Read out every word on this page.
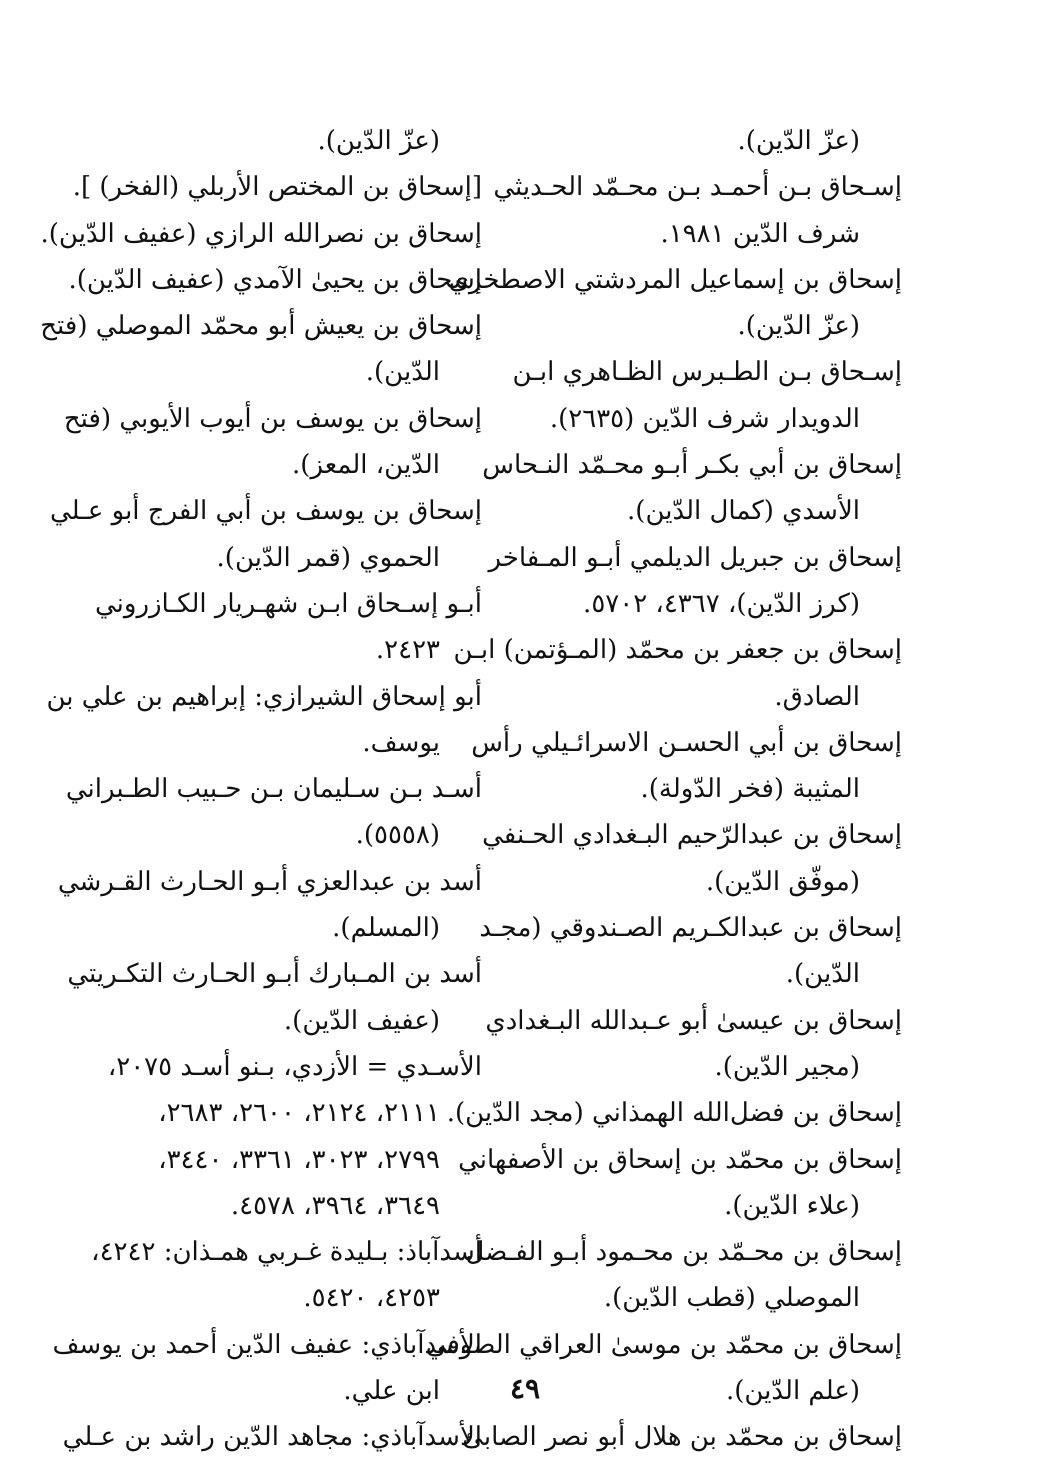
(عزّ الدّين).
إسـحاق بـن أحمـد بـن محـمّد الحـديثي
شرف الدّين ١٩٨١.
إسحاق بن إسماعيل المردشتي الاصطخري
(عزّ الدّين).
إسـحاق بـن الطـبرس الظـاهري ابـن
الدويدار شرف الدّين (٢٦٣٥).
إسحاق بن أبي بكـر أبـو محـمّد النـحاس
الأسدي (كمال الدّين).
إسحاق بن جبريل الديلمي أبـو المـفاخر
(كرز الدّين)، ٤٣٦٧، ٥٧٠٢.
إسحاق بن جعفر بن محمّد (المـؤتمن) ابـن
الصادق.
إسحاق بن أبي الحسـن الاسرائـيلي رأس
المثيبة (فخر الدّولة).
إسحاق بن عبدالرّحيم البـغدادي الحـنفي
(موفّق الدّين).
إسحاق بن عبدالكـريم الصـندوقي (مجـد
الدّين).
إسحاق بن عيسىٰ أبو عـبدالله البـغدادي
(مجير الدّين).
إسحاق بن فضل‌الله الهمذاني (مجد الدّين).
إسحاق بن محمّد بن إسحاق بن الأصفهاني
(علاء الدّين).
إسحاق بن محـمّد بن محـمود أبـو الفـضل
الموصلي (قطب الدّين).
إسحاق بن محمّد بن موسىٰ العراقي الصوفي
(علم الدّين).
إسحاق بن محمّد بن هلال أبو نصر الصابئ
(عزّ الدّين).
[إسحاق بن المختص الأربلي (الفخر) ].
إسحاق بن نصرالله الرازي (عفيف الدّين).
إسحاق بن يحيىٰ الآمدي (عفيف الدّين).
إسحاق بن يعيش أبو محمّد الموصلي (فتح
الدّين).
إسحاق بن يوسف بن أيوب الأيوبي (فتح
الدّين، المعز).
إسحاق بن يوسف بن أبي الفرج أبو عـلي
الحموي (قمر الدّين).
أبـو إسـحاق ابـن شهـريار الكـازروني
٢٤٢٣.
أبو إسحاق الشيرازي: إبراهيم بن علي بن
يوسف.
أسـد بـن سـليمان بـن حـبيب الطـبراني
(٥٥٥٨).
أسد بن عبدالعزي أبـو الحـارث القـرشي
(المسلم).
أسد بن المـبارك أبـو الحـارث التكـريتي
(عفيف الدّين).
الأسـدي = الأزدي، بـنو أسـد ٢٠٧٥،
٢١١١، ٢١٢٤، ٢٦٠٠، ٢٦٨٣،
٢٧٩٩، ٣٠٢٣، ٣٣٦١، ٣٤٤٠،
٣٦٤٩، ٣٩٦٤، ٤٥٧٨.
أسدآباذ: بـليدة غـربي همـذان: ٤٢٤٢،
٤٢٥٣، ٥٤٢٠.
الأسدآباذي: عفيف الدّين أحمد بن يوسف
ابن علي.
الأسدآباذي: مجاهد الدّين راشد بن عـلي
٤٩
